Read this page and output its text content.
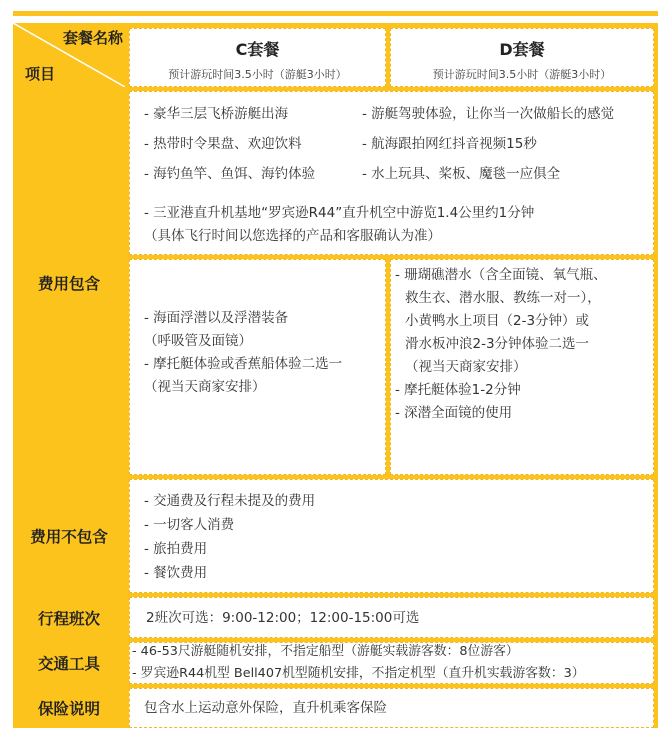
套餐名称
项目
C套餐
预计游玩时间3.5小时（游艇3小时）
D套餐
预计游玩时间3.5小时（游艇3小时）
费用包含
- 豪华三层飞桥游艇出海
- 热带时令果盘、欢迎饮料
- 海钓鱼竿、鱼饵、海钓体验
- 游艇驾驶体验，让你当一次做船长的感觉
- 航海跟拍网红抖音视频15秒
- 水上玩具、桨板、魔毯一应俱全
- 三亚港直升机基地“罗宾逊R44”直升机空中游览1.4公里约1分钟
（具体飞行时间以您选择的产品和客服确认为准）
- 海面浮潜以及浮潜装备
（呼吸管及面镜）
- 摩托艇体验或香蕉船体验二选一
（视当天商家安排）
- 珊瑚礁潜水（含全面镜、氧气瓶、
救生衣、潜水服、教练一对一），
小黄鸭水上项目（2-3分钟）或
滑水板冲浪2-3分钟体验二选一
（视当天商家安排）
- 摩托艇体验1-2分钟
- 深潜全面镜的使用
费用不包含
- 交通费及行程未提及的费用
- 一切客人消费
- 旅拍费用
- 餐饮费用
行程班次	2班次可选：9:00-12:00；12:00-15:00可选
交通工具
- 46-53尺游艇随机安排，不指定船型（游艇实载游客数：8位游客）
- 罗宾逊R44机型 Bell407机型随机安排，不指定机型（直升机实载游客数：3）
保险说明	包含水上运动意外保险，直升机乘客保险
